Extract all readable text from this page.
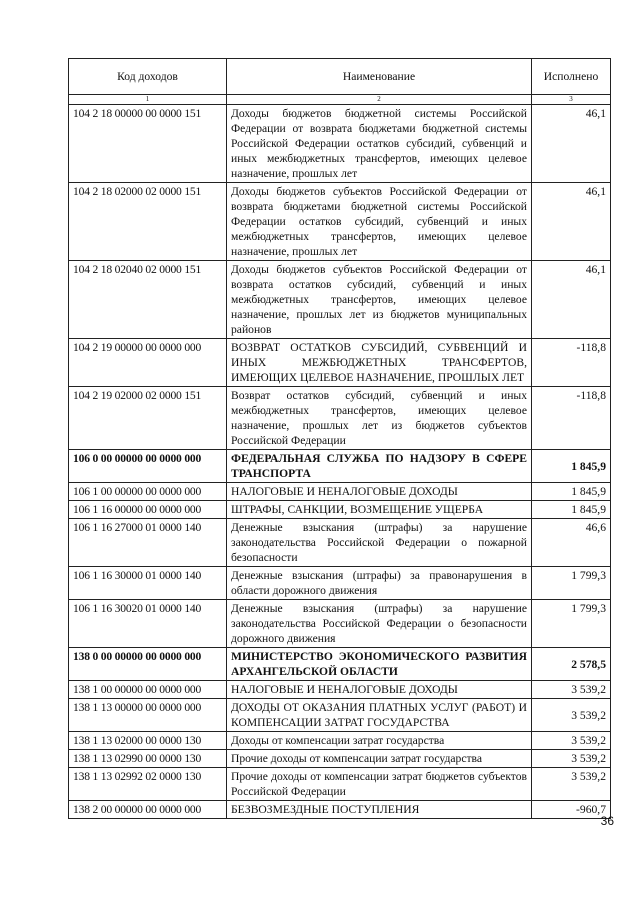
Код доходов	Наименование	Исполнено
1	2	3
104 2 18 00000 00 0000 151	Доходы бюджетов бюджетной системы Российской Федерации от возврата бюджетами бюджетной системы Российской Федерации остатков субсидий, субвенций и иных межбюджетных трансфертов, имеющих целевое назначение, прошлых лет	46,1
104 2 18 02000 02 0000 151	Доходы бюджетов субъектов Российской Федерации от возврата бюджетами бюджетной системы Российской Федерации остатков субсидий, субвенций и иных межбюджетных трансфертов, имеющих целевое назначение, прошлых лет	46,1
104 2 18 02040 02 0000 151	Доходы бюджетов субъектов Российской Федерации от возврата остатков субсидий, субвенций и иных межбюджетных трансфертов, имеющих целевое назначение, прошлых лет из бюджетов муниципальных районов	46,1
104 2 19 00000 00 0000 000	ВОЗВРАТ ОСТАТКОВ СУБСИДИЙ, СУБВЕНЦИЙ И ИНЫХ МЕЖБЮДЖЕТНЫХ ТРАНСФЕРТОВ, ИМЕЮЩИХ ЦЕЛЕВОЕ НАЗНАЧЕНИЕ, ПРОШЛЫХ ЛЕТ	-118,8
104 2 19 02000 02 0000 151	Возврат остатков субсидий, субвенций и иных межбюджетных трансфертов, имеющих целевое назначение, прошлых лет из бюджетов субъектов Российской Федерации	-118,8
106 0 00 00000 00 0000 000	ФЕДЕРАЛЬНАЯ СЛУЖБА ПО НАДЗОРУ В СФЕРЕ ТРАНСПОРТА	1 845,9
106 1 00 00000 00 0000 000	НАЛОГОВЫЕ И НЕНАЛОГОВЫЕ ДОХОДЫ	1 845,9
106 1 16 00000 00 0000 000	ШТРАФЫ, САНКЦИИ, ВОЗМЕЩЕНИЕ УЩЕРБА	1 845,9
106 1 16 27000 01 0000 140	Денежные взыскания (штрафы) за нарушение законодательства Российской Федерации о пожарной безопасности	46,6
106 1 16 30000 01 0000 140	Денежные взыскания (штрафы) за правонарушения в области дорожного движения	1 799,3
106 1 16 30020 01 0000 140	Денежные взыскания (штрафы) за нарушение законодательства Российской Федерации о безопасности дорожного движения	1 799,3
138 0 00 00000 00 0000 000	МИНИСТЕРСТВО ЭКОНОМИЧЕСКОГО РАЗВИТИЯ АРХАНГЕЛЬСКОЙ ОБЛАСТИ	2 578,5
138 1 00 00000 00 0000 000	НАЛОГОВЫЕ И НЕНАЛОГОВЫЕ ДОХОДЫ	3 539,2
138 1 13 00000 00 0000 000	ДОХОДЫ ОТ ОКАЗАНИЯ ПЛАТНЫХ УСЛУГ (РАБОТ) И КОМПЕНСАЦИИ ЗАТРАТ ГОСУДАРСТВА	3 539,2
138 1 13 02000 00 0000 130	Доходы от компенсации затрат государства	3 539,2
138 1 13 02990 00 0000 130	Прочие доходы от компенсации затрат государства	3 539,2
138 1 13 02992 02 0000 130	Прочие доходы от компенсации затрат бюджетов субъектов Российской Федерации	3 539,2
138 2 00 00000 00 0000 000	БЕЗВОЗМЕЗДНЫЕ ПОСТУПЛЕНИЯ	-960,7
36
